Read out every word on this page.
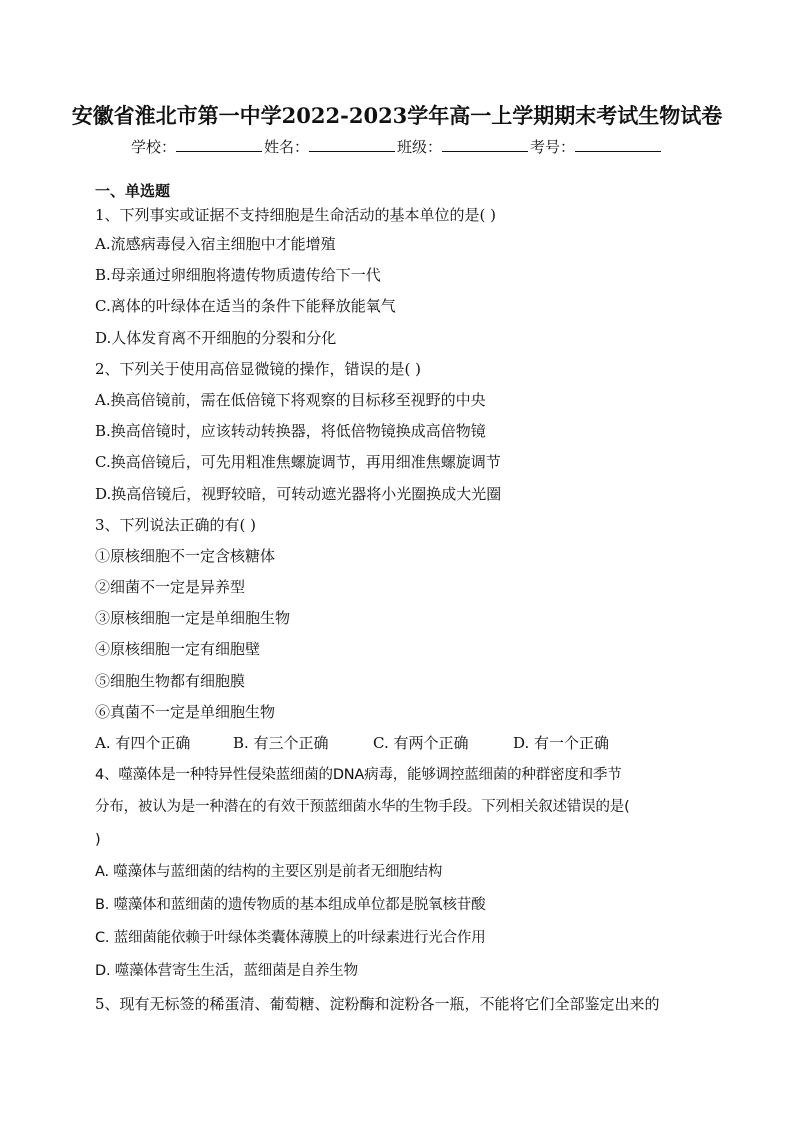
安徽省淮北市第一中学2022-2023学年高一上学期期末考试生物试卷
学校：	姓名：	班级：	考号：
一、单选题
1、下列事实或证据不支持细胞是生命活动的基本单位的是( )
A.流感病毒侵入宿主细胞中才能增殖
B.母亲通过卵细胞将遗传物质遗传给下一代
C.离体的叶绿体在适当的条件下能释放能氧气
D.人体发育离不开细胞的分裂和分化
2、下列关于使用高倍显微镜的操作，错误的是( )
A.换高倍镜前，需在低倍镜下将观察的目标移至视野的中央
B.换高倍镜时，应该转动转换器，将低倍物镜换成高倍物镜
C.换高倍镜后，可先用粗准焦螺旋调节，再用细准焦螺旋调节
D.换高倍镜后，视野较暗，可转动遮光器将小光圈换成大光圈
3、下列说法正确的有( )
①原核细胞不一定含核糖体
②细菌不一定是异养型
③原核细胞一定是单细胞生物
④原核细胞一定有细胞壁
⑤细胞生物都有细胞膜
⑥真菌不一定是单细胞生物
A. 有四个正确	B. 有三个正确	C. 有两个正确	D. 有一个正确
4、噬藻体是一种特异性侵染蓝细菌的DNA病毒，能够调控蓝细菌的种群密度和季节
分布，被认为是一种潜在的有效干预蓝细菌水华的生物手段。下列相关叙述错误的是(
)
A. 噬藻体与蓝细菌的结构的主要区别是前者无细胞结构
B. 噬藻体和蓝细菌的遗传物质的基本组成单位都是脱氧核苷酸
C. 蓝细菌能依赖于叶绿体类囊体薄膜上的叶绿素进行光合作用
D. 噬藻体营寄生生活，蓝细菌是自养生物
5、现有无标签的稀蛋清、葡萄糖、淀粉酶和淀粉各一瓶，不能将它们全部鉴定出来的
